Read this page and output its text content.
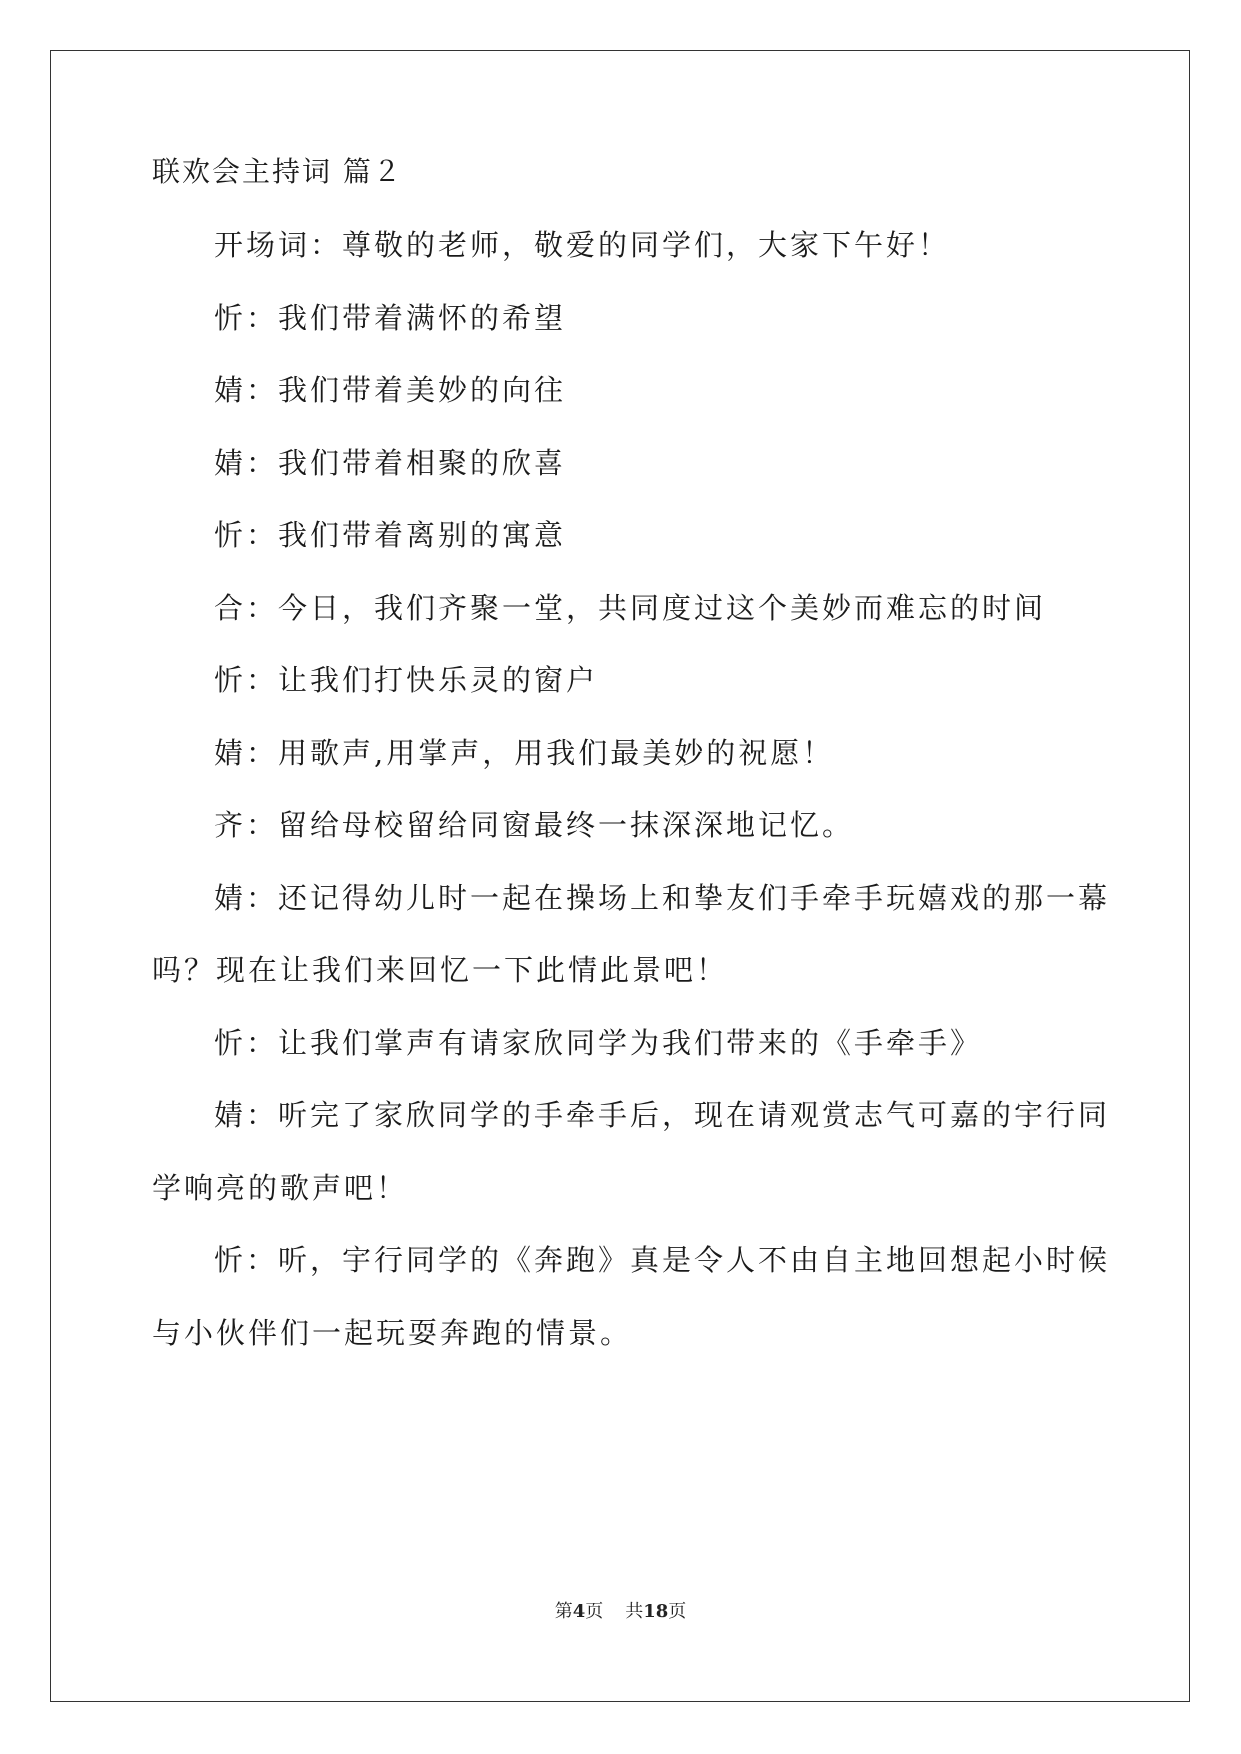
联欢会主持词 篇２
开场词：尊敬的老师，敬爱的同学们，大家下午好！
忻：我们带着满怀的希望
婧：我们带着美妙的向往
婧：我们带着相聚的欣喜
忻：我们带着离别的寓意
合：今日，我们齐聚一堂，共同度过这个美妙而难忘的时间
忻：让我们打快乐灵的窗户
婧：用歌声,用掌声，用我们最美妙的祝愿！
齐：留给母校留给同窗最终一抹深深地记忆。
婧：还记得幼儿时一起在操场上和挚友们手牵手玩嬉戏的那一幕
吗？现在让我们来回忆一下此情此景吧！
忻：让我们掌声有请家欣同学为我们带来的《手牵手》
婧：听完了家欣同学的手牵手后，现在请观赏志气可嘉的宇行同
学响亮的歌声吧！
忻：听，宇行同学的《奔跑》真是令人不由自主地回想起小时候
与小伙伴们一起玩耍奔跑的情景。
第4页 共18页
